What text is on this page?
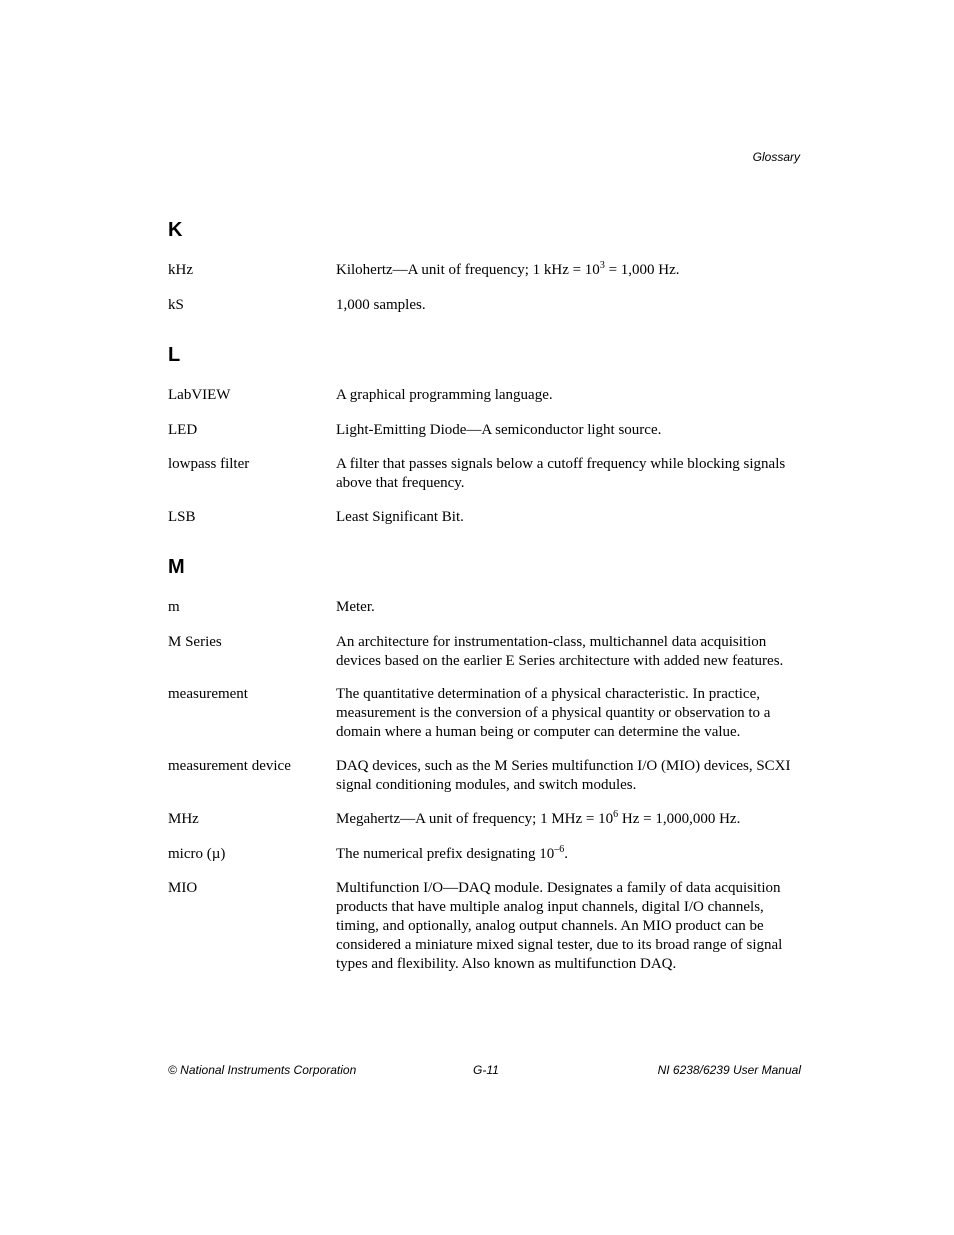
Glossary
K
kHz	Kilohertz—A unit of frequency; 1 kHz = $10^3 = 1,000$ Hz.
kS	1,000 samples.
L
LabVIEW	A graphical programming language.
LED	Light-Emitting Diode—A semiconductor light source.
lowpass filter	A filter that passes signals below a cutoff frequency while blocking signals above that frequency.
LSB	Least Significant Bit.
M
m	Meter.
M Series	An architecture for instrumentation-class, multichannel data acquisition devices based on the earlier E Series architecture with added new features.
measurement	The quantitative determination of a physical characteristic. In practice, measurement is the conversion of a physical quantity or observation to a domain where a human being or computer can determine the value.
measurement device	DAQ devices, such as the M Series multifunction I/O (MIO) devices, SCXI signal conditioning modules, and switch modules.
MHz	Megahertz—A unit of frequency; 1 MHz = $10^6$ Hz = 1,000,000 Hz.
micro (µ)	The numerical prefix designating $10^{-6}$.
MIO	Multifunction I/O—DAQ module. Designates a family of data acquisition products that have multiple analog input channels, digital I/O channels, timing, and optionally, analog output channels. An MIO product can be considered a miniature mixed signal tester, due to its broad range of signal types and flexibility. Also known as multifunction DAQ.
© National Instruments Corporation	G-11	NI 6238/6239 User Manual
